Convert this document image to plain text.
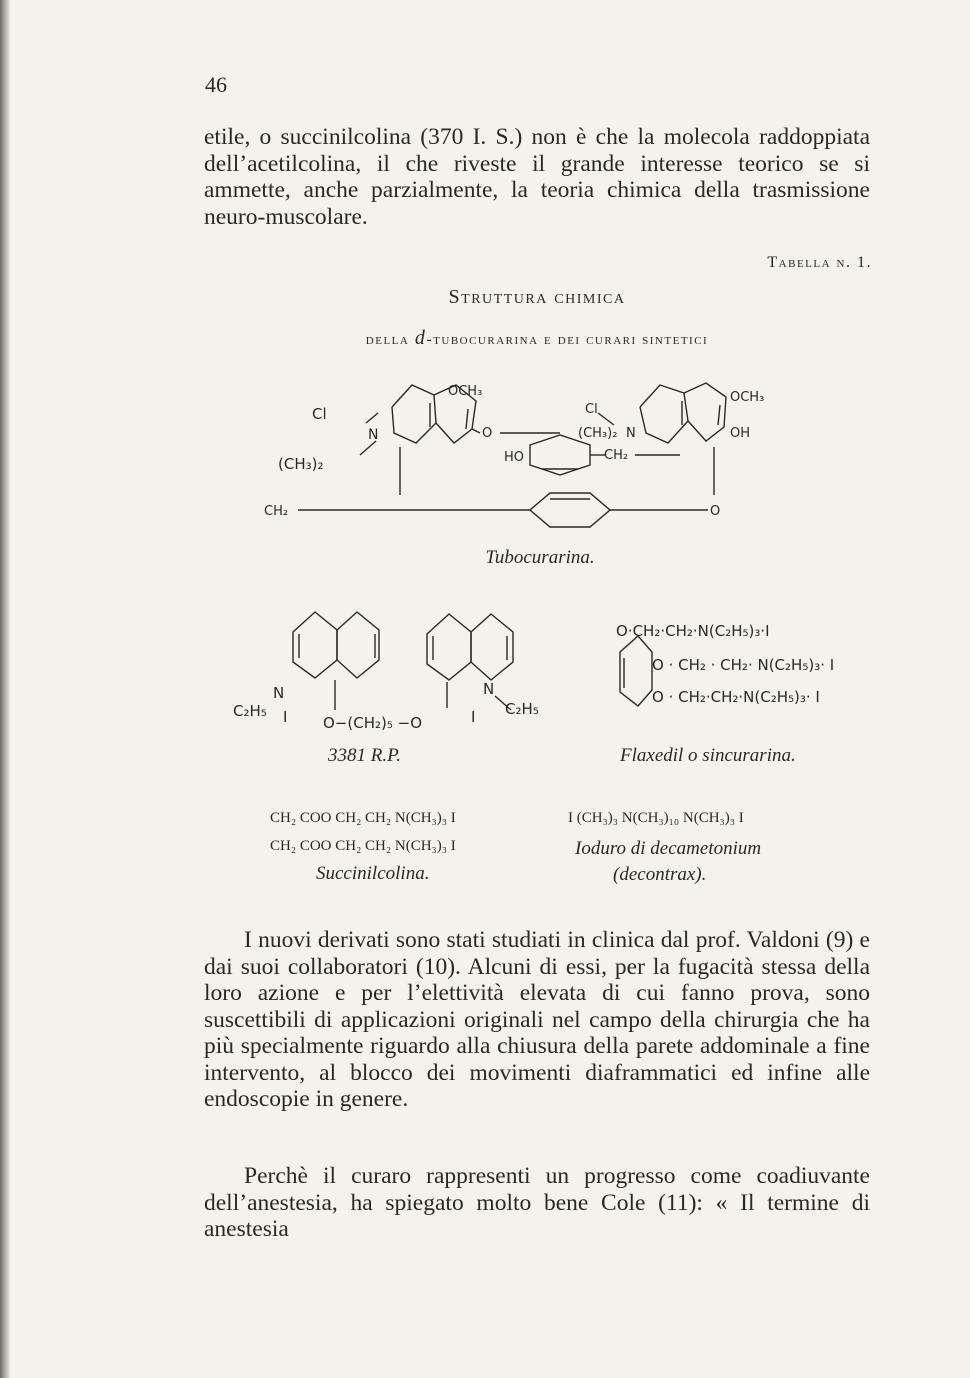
46

etile, o succinilcolina (370 I. S.) non è che la molecola raddoppiata dell’acetilcolina, il che riveste il grande interesse teorico se si ammette, anche parzialmente, la teoria chimica della trasmissione neuro-muscolare.

Tabella n. 1.
Struttura chimica
della d-tubocurarina e dei curari sintetici
Cl
(CH₃)₂
N
OCH₃
O
HO
Cl
(CH₃)₂ N
OCH₃
OH
CH₂
CH₂	O
Tubocurarina.
C₂H₅ I
N
O−(CH₂)₅ −O
N
I C₂H₅
3381 R.P.
O·CH₂·CH₂·N(C₂H₅)₃·I
O · CH₂ · CH₂· N(C₂H₅)₃· I
O · CH₂·CH₂·N(C₂H₅)₃· I
Flaxedil o sincurarina.
CH₂ COO CH₂ CH₂ N(CH₃)₃ I
CH₂ COO CH₂ CH₂ N(CH₃)₃ I
Succinilcolina.
I (CH₃)₃ N(CH₃)₁₀ N(CH₃)₃ I
Ioduro di decametonium
(decontrax).

I nuovi derivati sono stati studiati in clinica dal prof. Valdoni (9) e dai suoi collaboratori (10). Alcuni di essi, per la fugacità stessa della loro azione e per l’elettività elevata di cui fanno prova, sono suscettibili di applicazioni originali nel campo della chirurgia che ha più specialmente riguardo alla chiusura della parete addominale a fine intervento, al blocco dei movimenti diaframmatici ed infine alle endoscopie in genere.

Perchè il curaro rappresenti un progresso come coadiuvante dell’anestesia, ha spiegato molto bene Cole (11): « Il termine di anestesia
